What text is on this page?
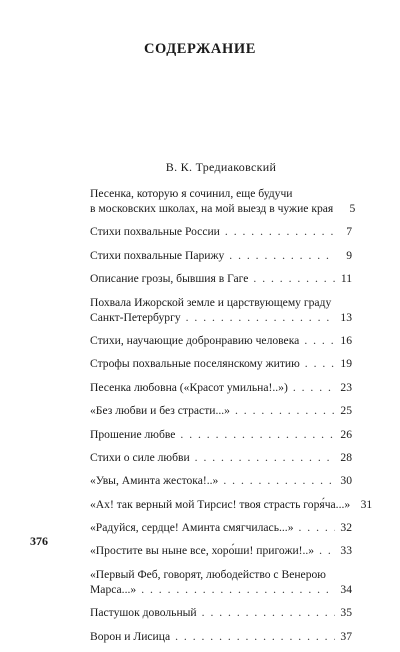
СОДЕРЖАНИЕ
В. К. Тредиаковский
Песенка, которую я сочинил, еще будучи
в московских школах, на мой выезд в чужие края	5
Стихи похвальные России . . .	7
Стихи похвальные Парижу . . .	9
Описание грозы, бывшия в Гаге . . .	11
Похвала Ижорской земле и царствующему граду
Санкт-Петербургу . . .	13
Стихи, научающие добронравию человека . . .	16
Строфы похвальные поселянскому житию . . .	19
Песенка любовна («Красот умильна!..») . . .	23
«Без любви и без страсти...» . . .	25
Прошение любве . . .	26
Стихи о силе любви . . .	28
«Увы, Аминта жестока!..» . . .	30
«Ах! так верный мой Тирсис! твоя страсть горя́ча...» 31
«Радуйся, сердце! Аминта смягчилась...» . . .	32
«Простите вы ныне все, хоро́ши! пригожи!..» . . . 33
«Первый Феб, говорят, любодейство с Венерою
Марса...» . . .	34
Пастушок довольный . . .	35
Ворон и Лисица . . .	37
376
